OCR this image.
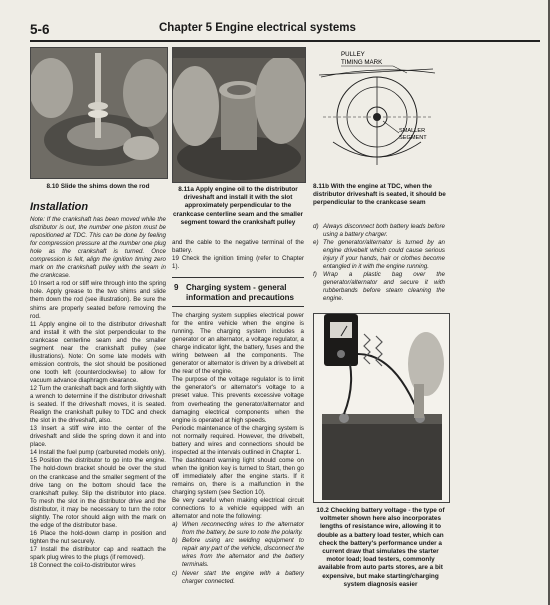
5-6	Chapter 5 Engine electrical systems
8.10 Slide the shims down the rod	8.11a Apply engine oil to the distributor driveshaft and install it with the slot approximately perpendicular to the crankcase centerline seam and the smaller segment toward the crankshaft pulley
PULLEY
TIMING MARK
SMALLER
SEGMENT
8.11b With the engine at TDC, when the distributor driveshaft is seated, it should be perpendicular to the crankcase seam
Installation

Note: If the crankshaft has been moved while the distributor is out, the number one piston must be repositioned at TDC. This can be done by feeling for compression pressure at the number one plug hole as the crankshaft is turned. Once compression is felt, align the ignition timing zero mark on the crankshaft pulley with the seam in the crankcase.

10 Insert a rod or stiff wire through into the spring hole. Apply grease to the two shims and slide them down the rod (see illustration). Be sure the shims are properly seated before removing the rod.

11 Apply engine oil to the distributor driveshaft and install it with the slot perpendicular to the crankcase centerline seam and the smaller segment near the crankshaft pulley (see illustrations). Note: On some late models with emission controls, the slot should be positioned one tooth left (counterclockwise) to allow for vacuum advance diaphragm clearance.

12 Turn the crankshaft back and forth slightly with a wrench to determine if the distributor driveshaft is seated. If the driveshaft moves, it is seated. Realign the crankshaft pulley to TDC and check the slot in the driveshaft, also.

13 Insert a stiff wire into the center of the driveshaft and slide the spring down it and into place.

14 Install the fuel pump (carbureted models only).

15 Position the distributor to go into the engine. The hold-down bracket should be over the stud on the crankcase and the smaller segment of the drive tang on the bottom should face the crankshaft pulley. Slip the distributor into place. To mesh the slot in the distributor drive and the distributor, it may be necessary to turn the rotor slightly. The rotor should align with the mark on the edge of the distributor base.

16 Place the hold-down clamp in position and tighten the nut securely.

17 Install the distributor cap and reattach the spark plug wires to the plugs (if removed).

18 Connect the coil-to-distributor wires

and the cable to the negative terminal of the battery.

19 Check the ignition timing (refer to Chapter 1).

9 Charging system - general information and precautions

The charging system supplies electrical power for the entire vehicle when the engine is running. The charging system includes a generator or an alternator, a voltage regulator, a charge indicator light, the battery, fuses and the wiring between all the components. The generator or alternator is driven by a drivebelt at the rear of the engine.

The purpose of the voltage regulator is to limit the generator's or alternator's voltage to a preset value. This prevents excessive voltage from overheating the generator/alternator and damaging electrical components when the engine is operated at high speeds.

Periodic maintenance of the charging system is not normally required. However, the drivebelt, battery and wires and connections should be inspected at the intervals outlined in Chapter 1.

The dashboard warning light should come on when the ignition key is turned to Start, then go off immediately after the engine starts. If it remains on, there is a malfunction in the charging system (see Section 10).

Be very careful when making electrical circuit connections to a vehicle equipped with an alternator and note the following:

a) When reconnecting wires to the alternator from the battery, be sure to note the polarity.
b) Before using arc welding equipment to repair any part of the vehicle, disconnect the wires from the alternator and the battery terminals.
c) Never start the engine with a battery charger connected.
d) Always disconnect both battery leads before using a battery charger.
e) The generator/alternator is turned by an engine drivebelt which could cause serious injury if your hands, hair or clothes become entangled in it with the engine running.
f)	Wrap a plastic bag over the generator/alternator and secure it with rubberbands before steam cleaning the engine.
10.2 Checking battery voltage - the type of voltmeter shown here also incorporates lengths of resistance wire, allowing it to double as a battery load tester, which can check the battery's performance under a current draw that simulates the starter motor load; load testers, commonly available from auto parts stores, are a bit expensive, but make starting/charging system diagnosis easier
